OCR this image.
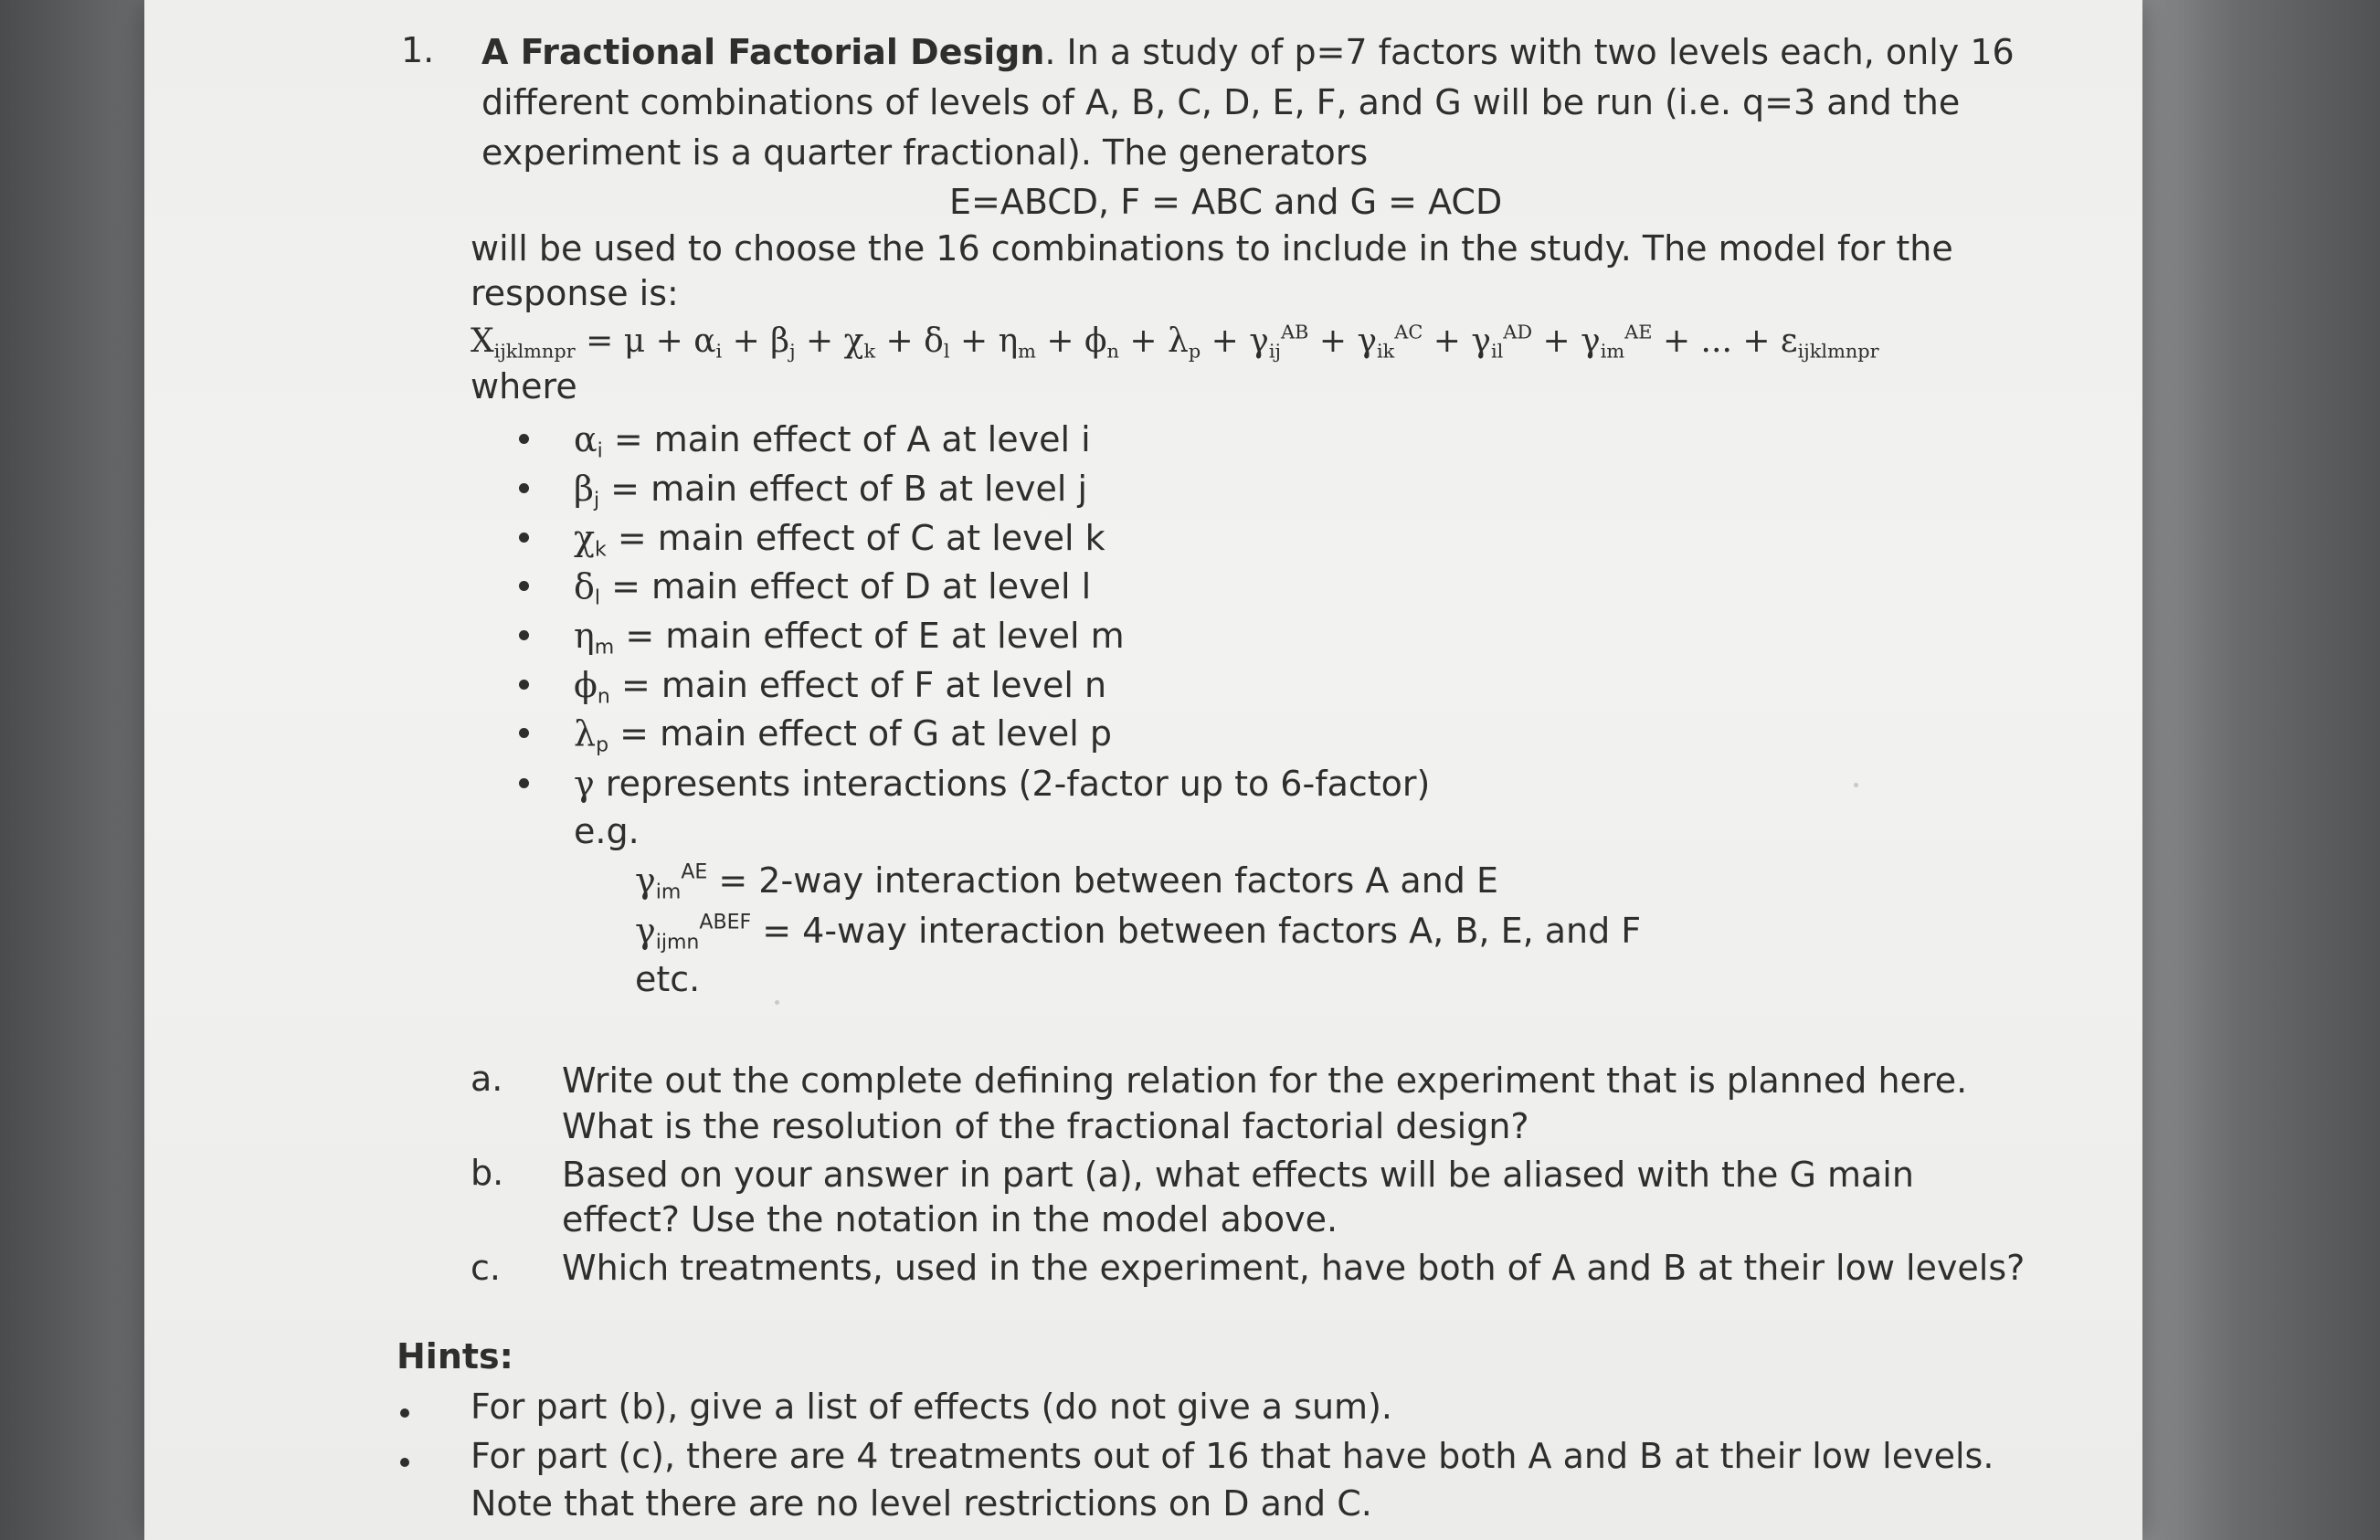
1. A Fractional Factorial Design. In a study of p=7 factors with two levels each, only 16
different combinations of levels of A, B, C, D, E, F, and G will be run (i.e. q=3 and the
experiment is a quarter fractional). The generators
E=ABCD, F = ABC and G = ACD
will be used to choose the 16 combinations to include in the study. The model for the
response is:
$X_{ijklmnpr} = \mu + \alpha_i + \beta_j + \chi_k + \delta_l + \eta_m + \phi_n + \lambda_p + \gamma_{ij}^{AB} + \gamma_{ik}^{AC} + \gamma_{il}^{AD} + \gamma_{im}^{AE}$ + ... + $\varepsilon_{ijklmnpr}$
where
$\alpha_i$ = main effect of A at level i
$\beta_j$ = main effect of B at level j
$\chi_k$ = main effect of C at level k
$\delta_l$ = main effect of D at level l
$\eta_m$ = main effect of E at level m
$\phi_n$ = main effect of F at level n
$\lambda_p$ = main effect of G at level p
γ represents interactions (2-factor up to 6-factor)
e.g.
$\gamma_{im}^{AE} = 2-way$ interaction between factors A and E
$\gamma_{ijmn}^{ABEF} = 4-way$ interaction between factors A, B, E, and F
etc.
a. Write out the complete defining relation for the experiment that is planned here.
What is the resolution of the fractional factorial design?
b. Based on your answer in part (a), what effects will be aliased with the G main
effect? Use the notation in the model above.
c. Which treatments, used in the experiment, have both of A and B at their low levels?
Hints:
For part (b), give a list of effects (do not give a sum).
For part (c), there are 4 treatments out of 16 that have both A and B at their low levels.
Note that there are no level restrictions on D and C.
